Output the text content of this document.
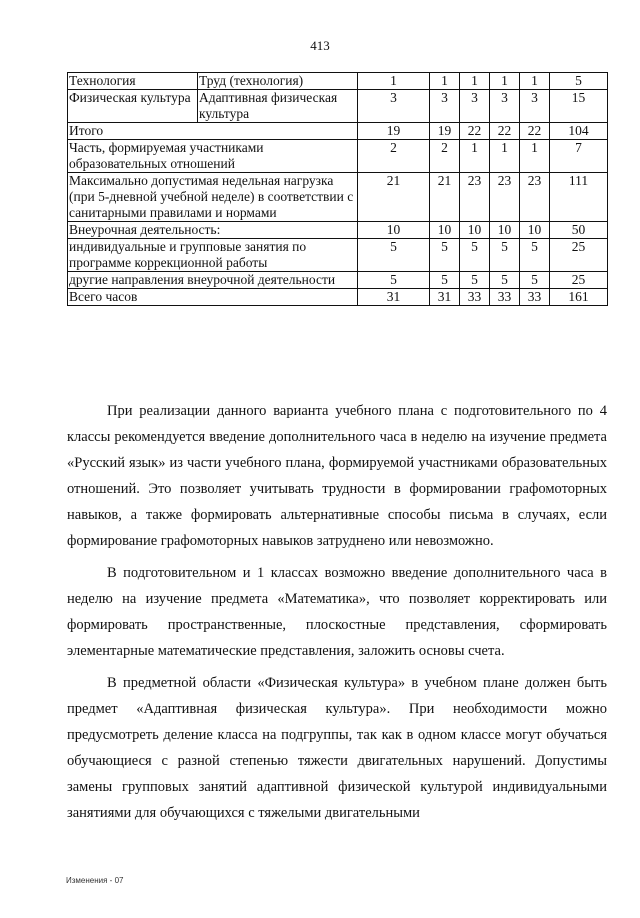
413
Технология	Труд (технология)	1	1	1	1	1	5
Физическая культура	Адаптивная физическая культура	3	3	3	3	3	15
Итого		19	19	22	22	22	104
Часть, формируемая участниками образовательных отношений		2	2	1	1	1	7
Максимально допустимая недельная нагрузка (при 5-дневной учебной неделе) в соответствии с санитарными правилами и нормами		21	21	23	23	23	111
Внеурочная деятельность:		10	10	10	10	10	50
индивидуальные и групповые занятия по программе коррекционной работы		5	5	5	5	5	25
другие направления внеурочной деятельности		5	5	5	5	5	25
Всего часов		31	31	33	33	33	161

При реализации данного варианта учебного плана с подготовительного по 4 классы рекомендуется введение дополнительного часа в неделю на изучение предмета «Русский язык» из части учебного плана, формируемой участниками образовательных отношений. Это позволяет учитывать трудности в формировании графомоторных навыков, а также формировать альтернативные способы письма в случаях, если формирование графомоторных навыков затруднено или невозможно.

В подготовительном и 1 классах возможно введение дополнительного часа в неделю на изучение предмета «Математика», что позволяет корректировать или формировать пространственные, плоскостные представления, сформировать элементарные математические представления, заложить основы счета.

В предметной области «Физическая культура» в учебном плане должен быть предмет «Адаптивная физическая культура». При необходимости можно предусмотреть деление класса на подгруппы, так как в одном классе могут обучаться обучающиеся с разной степенью тяжести двигательных нарушений. Допустимы замены групповых занятий адаптивной физической культурой индивидуальными занятиями для обучающихся с тяжелыми двигательными

Изменения - 07
